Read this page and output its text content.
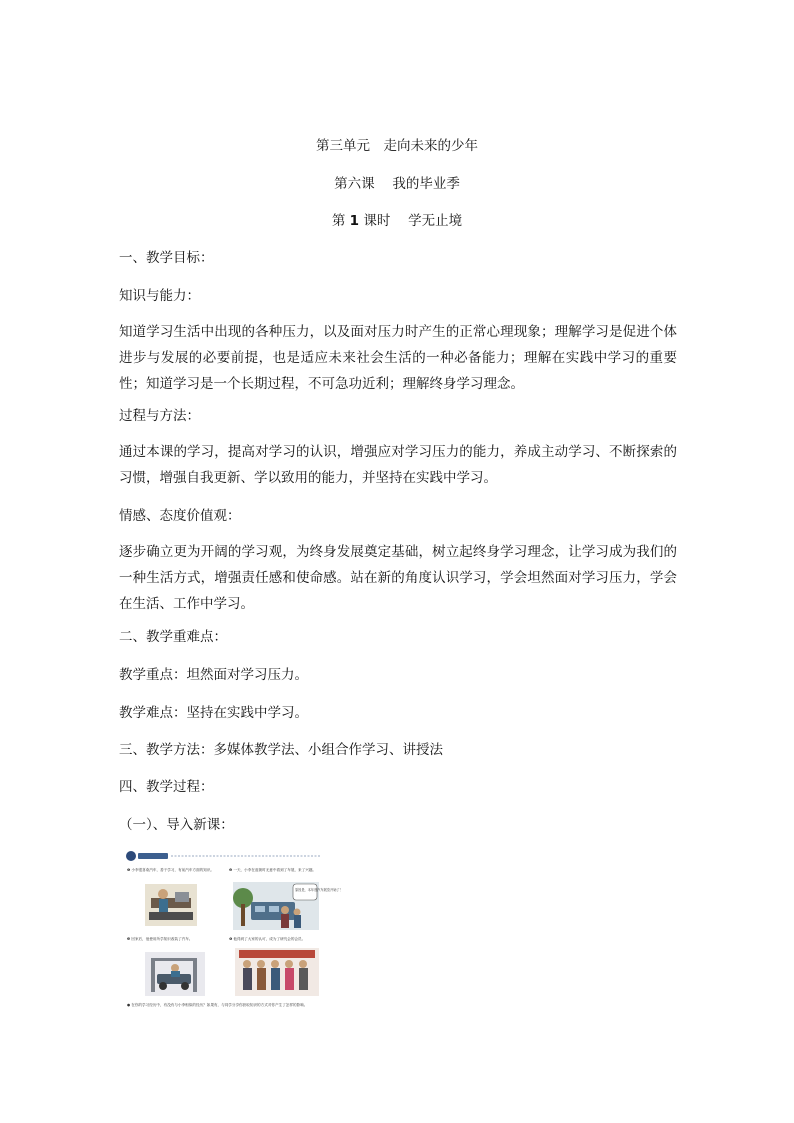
第三单元　走向未来的少年
第六课　 我的毕业季
第 1 课时　 学无止境
一、教学目标：
知识与能力：
知道学习生活中出现的各种压力，以及面对压力时产生的正常心理现象；理解学习是促进个体进步与发展的必要前提，也是适应未来社会生活的一种必备能力；理解在实践中学习的重要性；知道学习是一个长期过程，不可急功近利；理解终身学习理念。
过程与方法：
通过本课的学习，提高对学习的认识，增强应对学习压力的能力，养成主动学习、不断探索的习惯，增强自我更新、学以致用的能力，并坚持在实践中学习。
情感、态度价值观：
逐步确立更为开阔的学习观，为终身发展奠定基础，树立起终身学习理念，让学习成为我们的一种生活方式，增强责任感和使命感。站在新的角度认识学习，学会坦然面对学习压力，学会在生活、工作中学习。
二、教学重难点：
教学重点：坦然面对学习压力。
教学难点：坚持在实践中学习。
三、教学方法：多媒体教学法、小组合作学习、讲授法
四、教学过程：
（一）、导入新课：
❶ 小李很喜欢汽车，善于学习，有前汽车方面的知识。	❷ 一天，小李在逛街时无意中看到了车展，来了兴趣。
原因是，本年度汽车展览开始了！
❸ 回家后，他使用所学知识改装了汽车。	❹ 他得到了大家的认可，成为了研究会的会员。
● 在你的学习经历中，有没有与小李相似的经历？如果有，与同学分享你获取知识的方式对你产生了怎样的影响。
